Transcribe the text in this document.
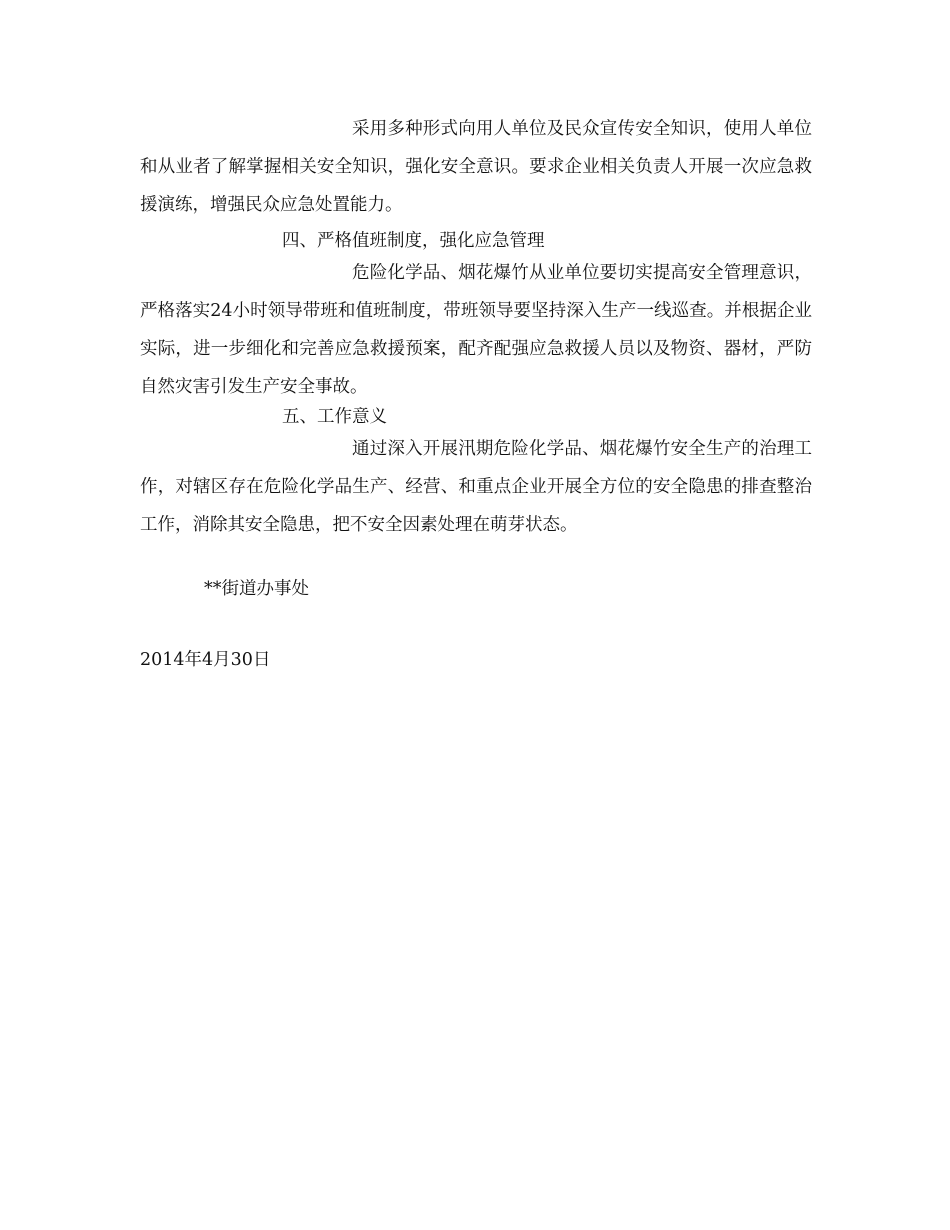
采用多种形式向用人单位及民众宣传安全知识，使用人单位和从业者了解掌握相关安全知识，强化安全意识。要求企业相关负责人开展一次应急救援演练，增强民众应急处置能力。

四、严格值班制度，强化应急管理

危险化学品、烟花爆竹从业单位要切实提高安全管理意识，严格落实24小时领导带班和值班制度，带班领导要坚持深入生产一线巡查。并根据企业实际，进一步细化和完善应急救援预案，配齐配强应急救援人员以及物资、器材，严防自然灾害引发生产安全事故。

五、工作意义

通过深入开展汛期危险化学品、烟花爆竹安全生产的治理工作，对辖区存在危险化学品生产、经营、和重点企业开展全方位的安全隐患的排查整治工作，消除其安全隐患，把不安全因素处理在萌芽状态。

**街道办事处

2014年4月30日
